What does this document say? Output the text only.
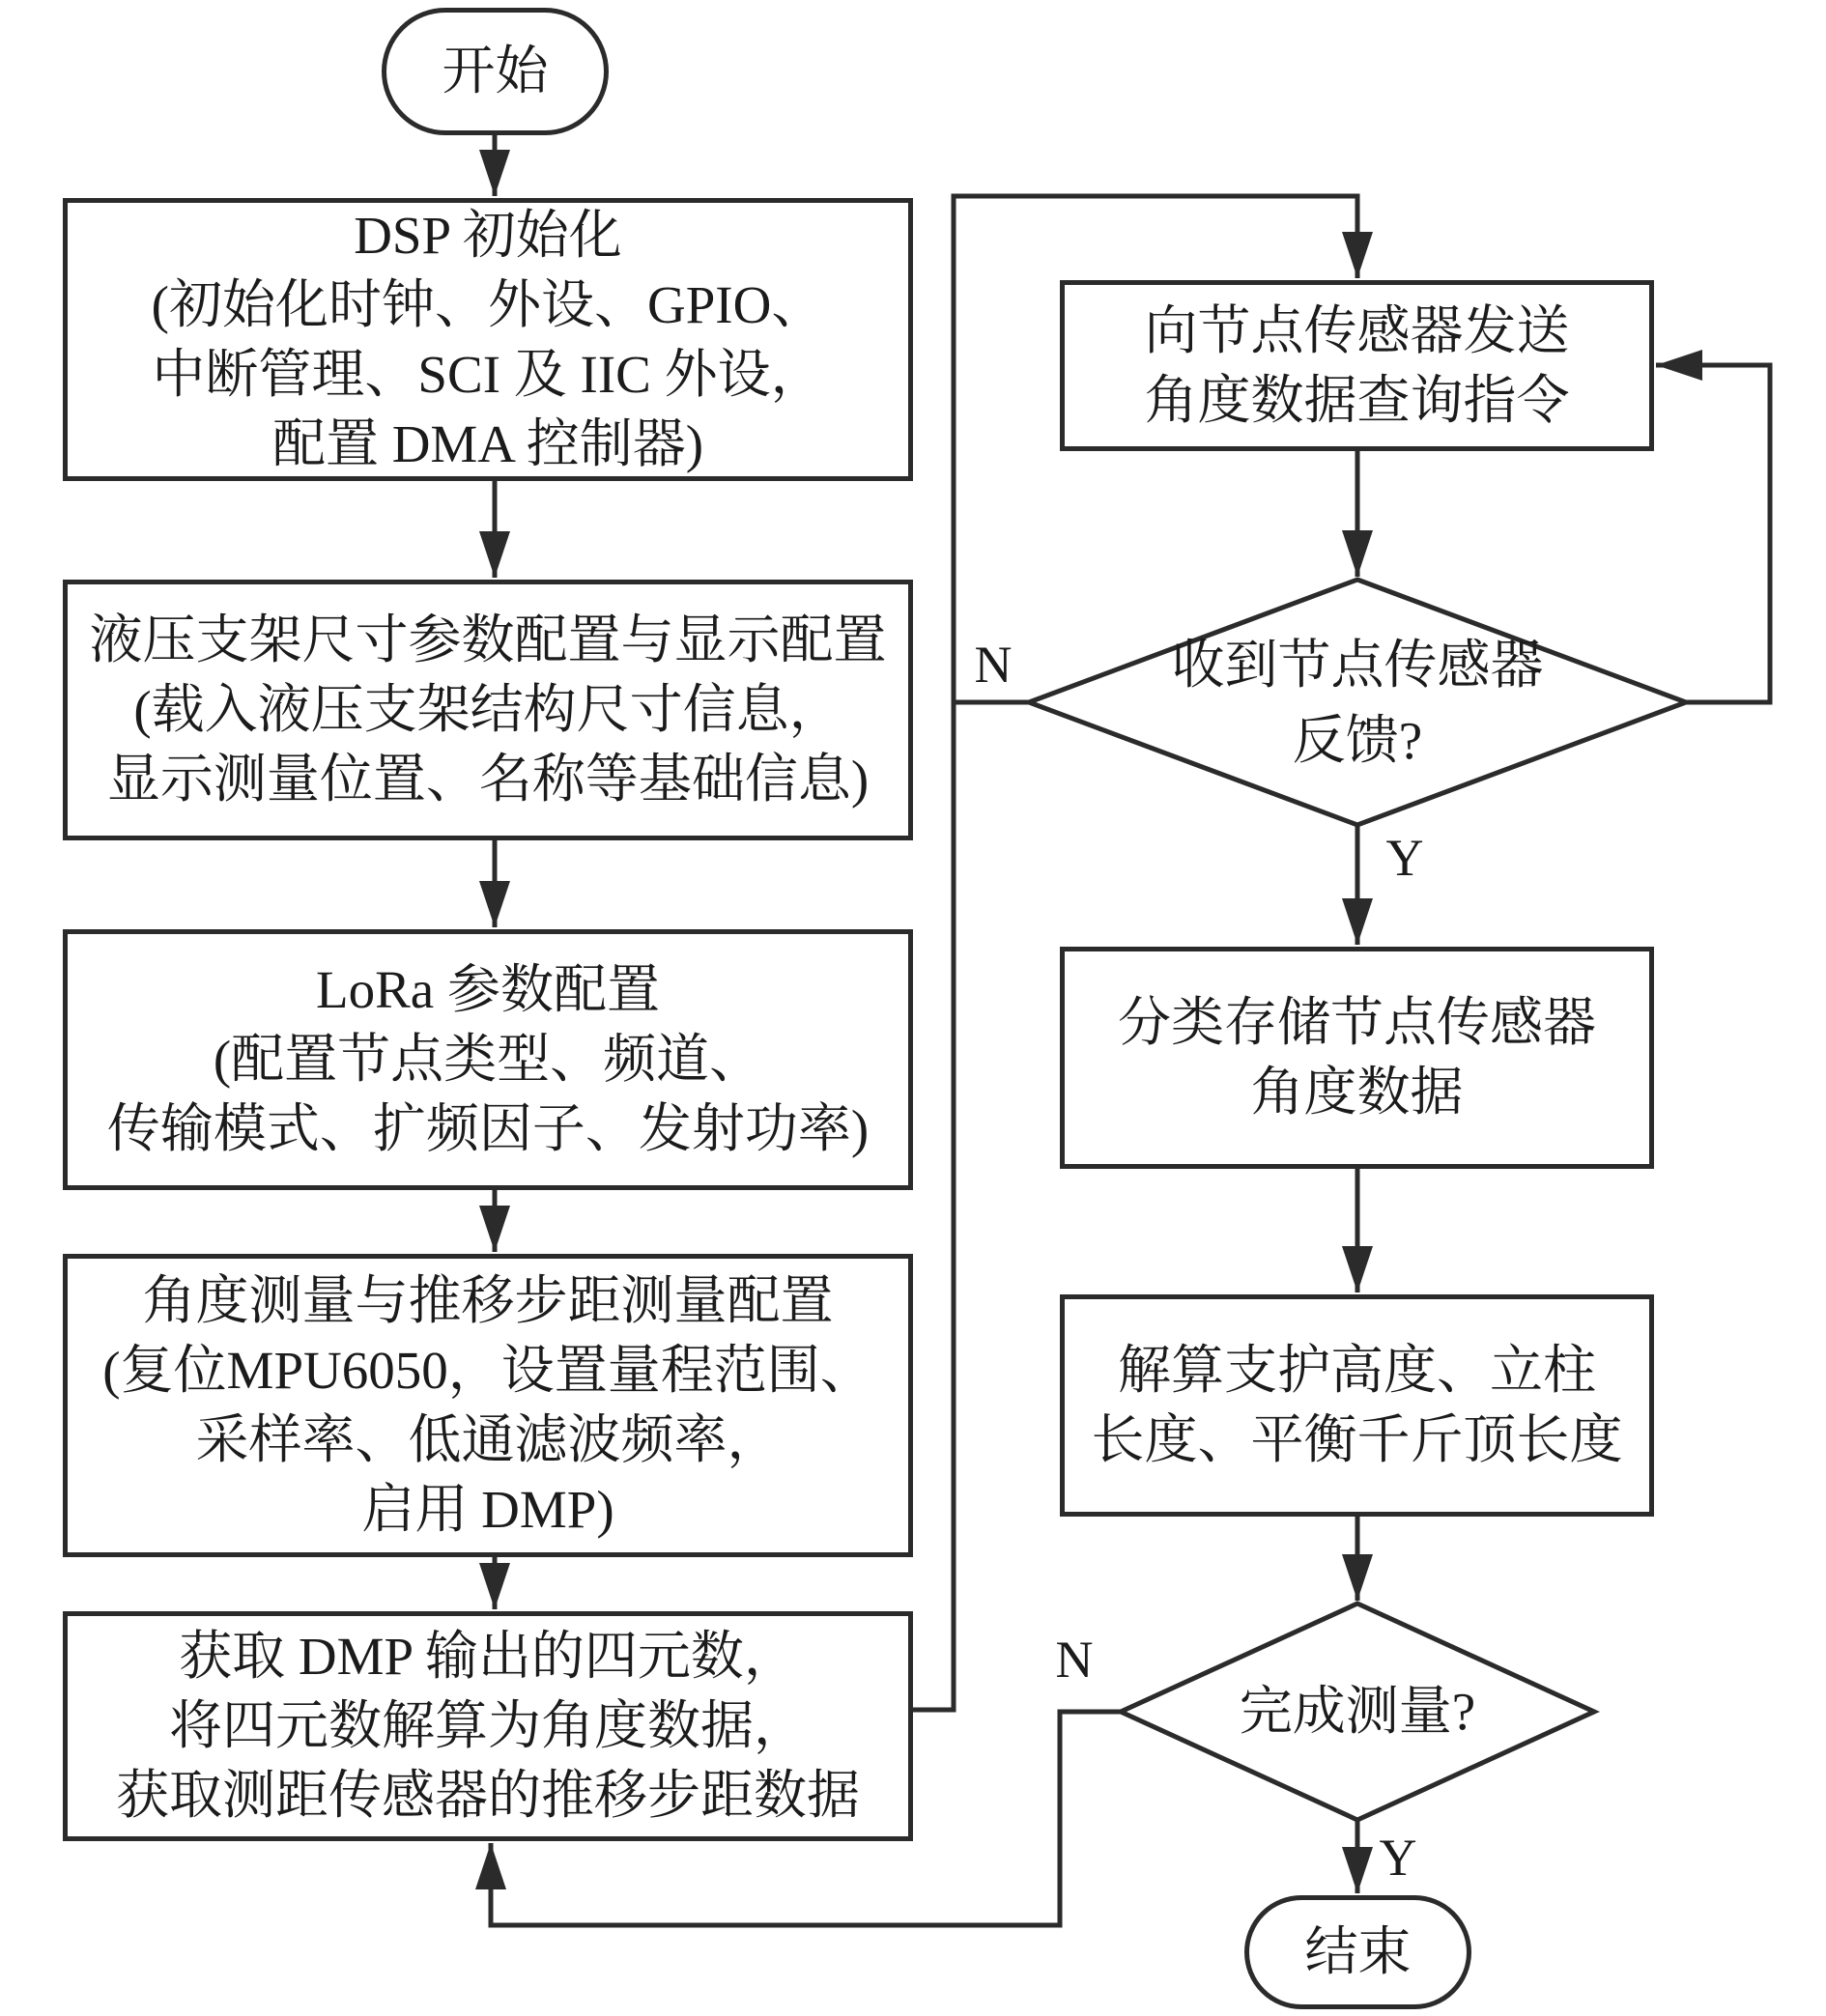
开始
DSP 初始化
(初始化时钟、外设、GPIO、
中断管理、SCI 及 IIC 外设，
配置 DMA 控制器)
液压支架尺寸参数配置与显示配置
(载入液压支架结构尺寸信息，
显示测量位置、名称等基础信息)
LoRa 参数配置
(配置节点类型、频道、
传输模式、扩频因子、发射功率)
角度测量与推移步距测量配置
(复位MPU6050，设置量程范围、
采样率、低通滤波频率，
启用 DMP)
获取 DMP 输出的四元数，
将四元数解算为角度数据，
获取测距传感器的推移步距数据
向节点传感器发送
角度数据查询指令
分类存储节点传感器
角度数据
解算支护高度、立柱
长度、平衡千斤顶长度
收到节点传感器
反馈?
完成测量?
N
Y
N
Y
结束
